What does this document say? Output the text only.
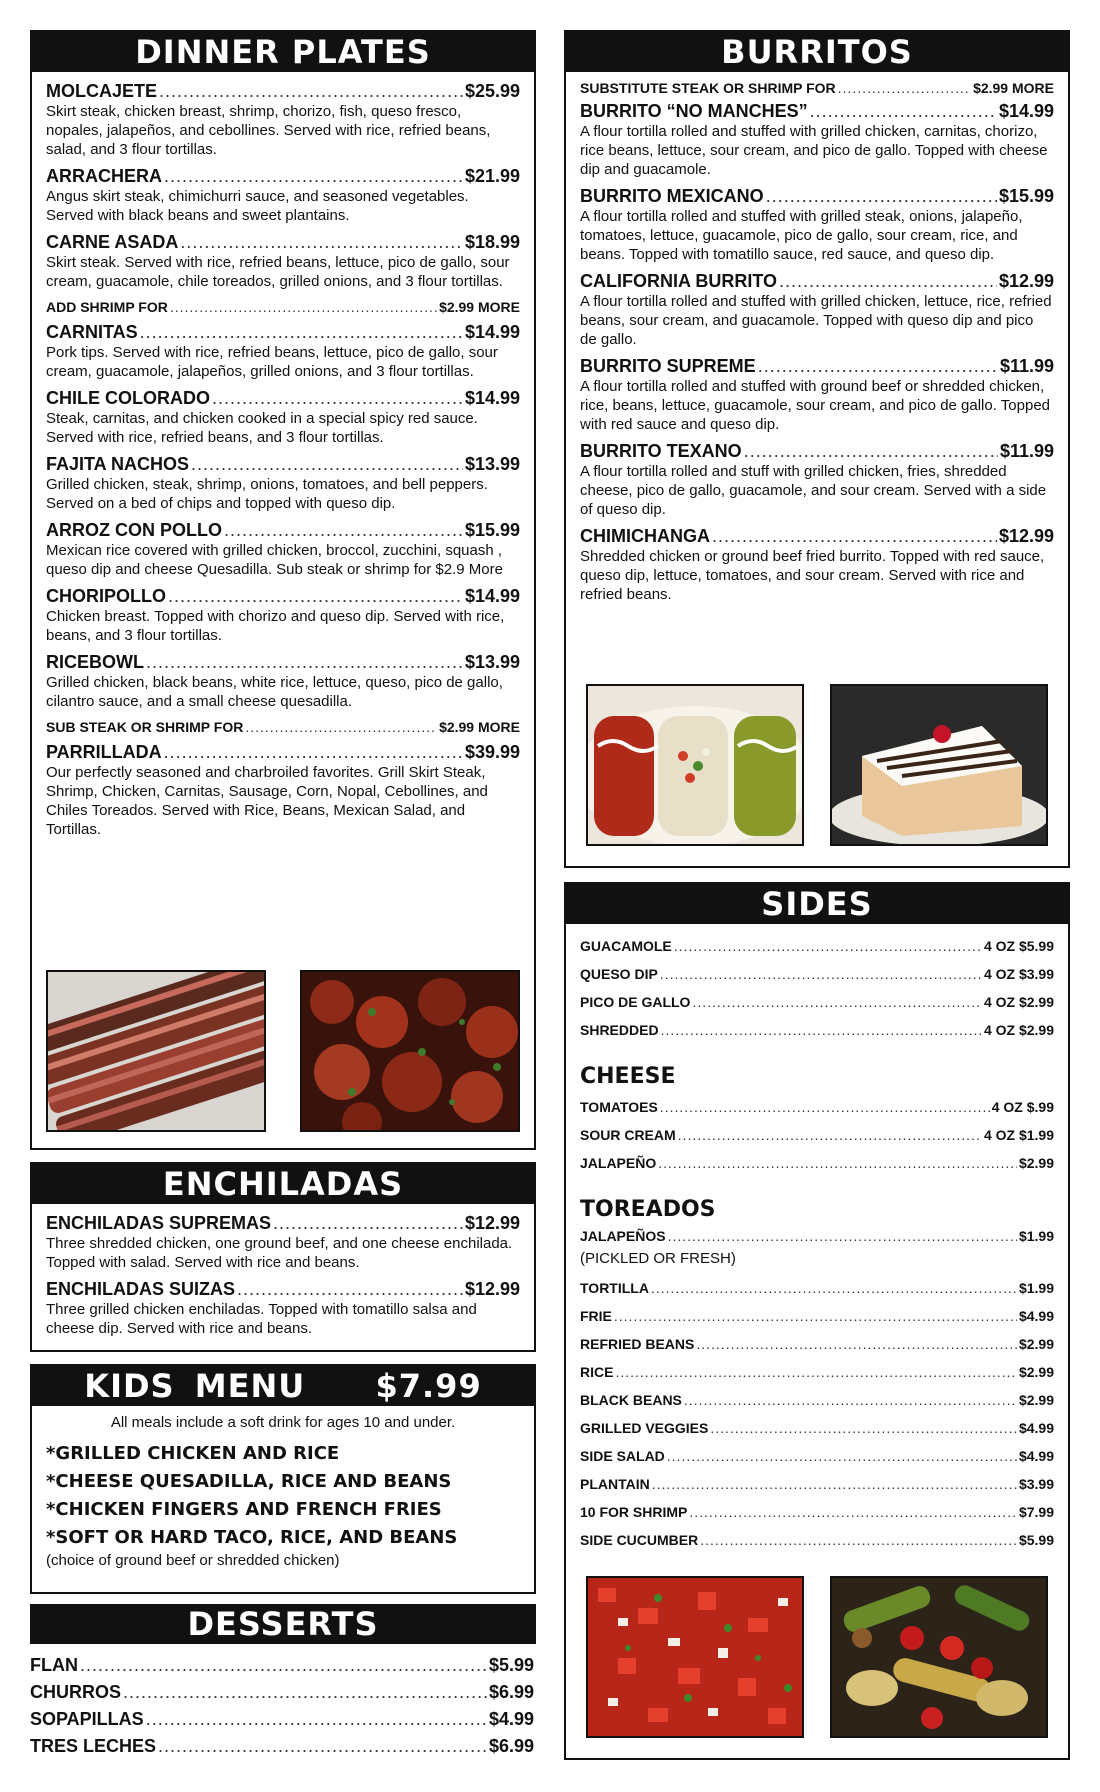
DINNER PLATES
MOLCAJETE .....	$25.99
Skirt steak, chicken breast, shrimp, chorizo, fish, queso fresco, nopales, jalapeños, and cebollines. Served with rice, refried beans, salad, and 3 flour tortillas.
ARRACHERA .....	$21.99
Angus skirt steak, chimichurri sauce, and seasoned vegetables. Served with black beans and sweet plantains.
CARNE ASADA .....	$18.99
Skirt steak. Served with rice, refried beans, lettuce, pico de gallo, sour cream, guacamole, chile toreados, grilled onions, and 3 flour tortillas.
ADD SHRIMP FOR .....	$2.99 MORE
CARNITAS .....	$14.99
Pork tips. Served with rice, refried beans, lettuce, pico de gallo, sour cream, guacamole, jalapeños, grilled onions, and 3 flour tortillas.
CHILE COLORADO .....	$14.99
Steak, carnitas, and chicken cooked in a special spicy red sauce. Served with rice, refried beans, and 3 flour tortillas.
FAJITA NACHOS .....	$13.99
Grilled chicken, steak, shrimp, onions, tomatoes, and bell peppers. Served on a bed of chips and topped with queso dip.
ARROZ CON POLLO .....	$15.99
Mexican rice covered with grilled chicken, broccol, zucchini, squash , queso dip and cheese Quesadilla. Sub steak or shrimp for $2.9 More
CHORIPOLLO .....	$14.99
Chicken breast. Topped with chorizo and queso dip. Served with rice, beans, and 3 flour tortillas.
RICEBOWL .....	$13.99
Grilled chicken, black beans, white rice, lettuce, queso, pico de gallo, cilantro sauce, and a small cheese quesadilla.
SUB STEAK OR SHRIMP FOR .....	$2.99 MORE
PARRILLADA .....	$39.99
Our perfectly seasoned and charbroiled favorites. Grill Skirt Steak, Shrimp, Chicken, Carnitas, Sausage, Corn, Nopal, Cebollines, and Chiles Toreados. Served with Rice, Beans, Mexican Salad, and Tortillas.
ENCHILADAS
ENCHILADAS SUPREMAS .....	$12.99
Three shredded chicken, one ground beef, and one cheese enchilada. Topped with salad. Served with rice and beans.
ENCHILADAS SUIZAS .....	$12.99
Three grilled chicken enchiladas. Topped with tomatillo salsa and cheese dip. Served with rice and beans.
KIDS MENU $7.99
All meals include a soft drink for ages 10 and under.
*GRILLED CHICKEN AND RICE
*CHEESE QUESADILLA, RICE AND BEANS
*CHICKEN FINGERS AND FRENCH FRIES
*SOFT OR HARD TACO, RICE, AND BEANS
(choice of ground beef or shredded chicken)
DESSERTS
FLAN .....	$5.99
CHURROS .....	$6.99
SOPAPILLAS .....	$4.99
TRES LECHES .....	$6.99
BURRITOS
SUBSTITUTE STEAK OR SHRIMP FOR .....	$2.99 MORE
BURRITO “NO MANCHES” .....	$14.99
A flour tortilla rolled and stuffed with grilled chicken, carnitas, chorizo, rice beans, lettuce, sour cream, and pico de gallo. Topped with cheese dip and guacamole.
BURRITO MEXICANO .....	$15.99
A flour tortilla rolled and stuffed with grilled steak, onions, jalapeño, tomatoes, lettuce, guacamole, pico de gallo, sour cream, rice, and beans. Topped with tomatillo sauce, red sauce, and queso dip.
CALIFORNIA BURRITO .....	$12.99
A flour tortilla rolled and stuffed with grilled chicken, lettuce, rice, refried beans, sour cream, and guacamole. Topped with queso dip and pico de gallo.
BURRITO SUPREME .....	$11.99
A flour tortilla rolled and stuffed with ground beef or shredded chicken, rice, beans, lettuce, guacamole, sour cream, and pico de gallo. Topped with red sauce and queso dip.
BURRITO TEXANO .....	$11.99
A flour tortilla rolled and stuff with grilled chicken, fries, shredded cheese, pico de gallo, guacamole, and sour cream. Served with a side of queso dip.
CHIMICHANGA .....	$12.99
Shredded chicken or ground beef fried burrito. Topped with red sauce, queso dip, lettuce, tomatoes, and sour cream. Served with rice and refried beans.
SIDES
GUACAMOLE .....	4 OZ $5.99
QUESO DIP .....	4 OZ $3.99
PICO DE GALLO .....	4 OZ $2.99
SHREDDED .....	4 OZ $2.99
CHEESE
TOMATOES .....	4 OZ $.99
SOUR CREAM .....	4 OZ $1.99
JALAPEÑO .....	$2.99
TOREADOS
JALAPEÑOS .....	$1.99
(PICKLED OR FRESH)
TORTILLA .....	$1.99
FRIE .....	$4.99
REFRIED BEANS .....	$2.99
RICE .....	$2.99
BLACK BEANS .....	$2.99
GRILLED VEGGIES .....	$4.99
SIDE SALAD .....	$4.99
PLANTAIN .....	$3.99
10 FOR SHRIMP .....	$7.99
SIDE CUCUMBER .....	$5.99
